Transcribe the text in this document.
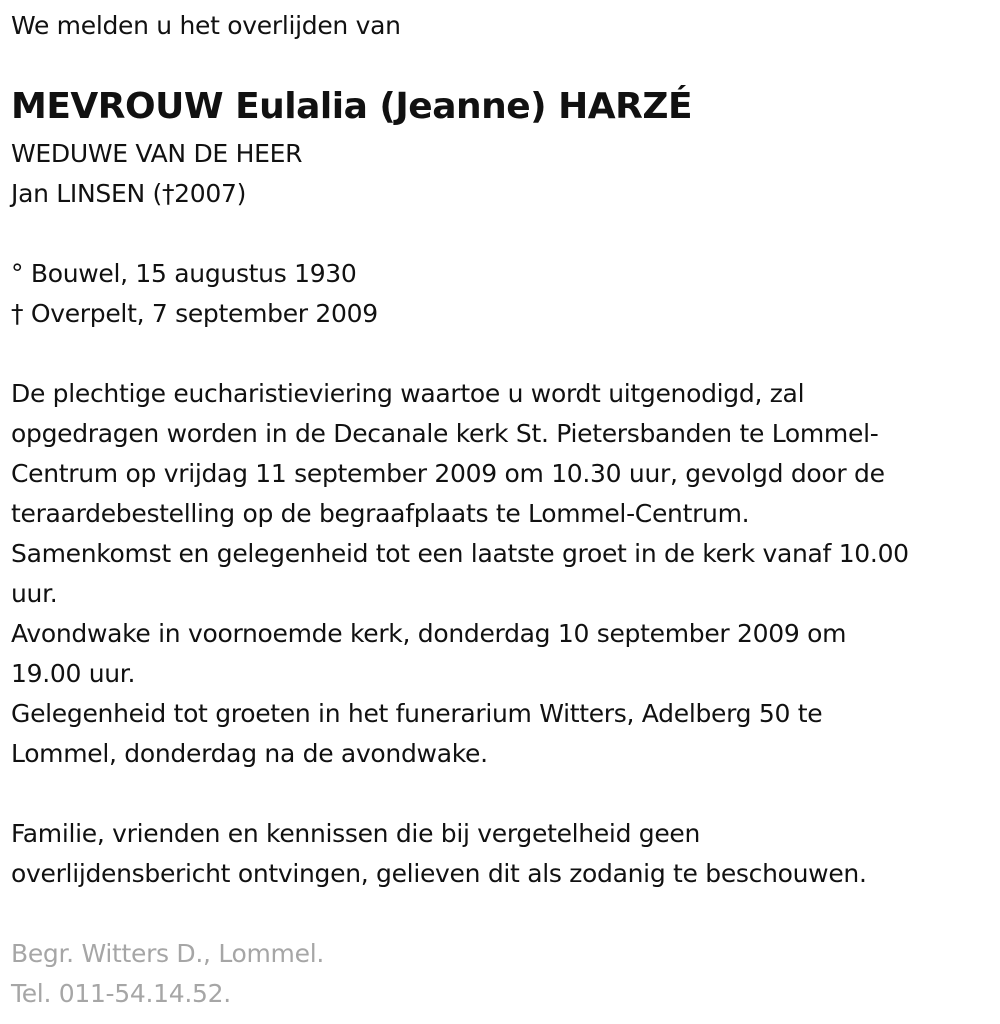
We melden u het overlijden van
MEVROUW Eulalia (Jeanne) HARZÉ
WEDUWE VAN DE HEER
Jan LINSEN (†2007)
° Bouwel, 15 augustus 1930
† Overpelt, 7 september 2009
De plechtige eucharistieviering waartoe u wordt uitgenodigd, zal
opgedragen worden in de Decanale kerk St. Pietersbanden te Lommel-
Centrum op vrijdag 11 september 2009 om 10.30 uur, gevolgd door de
teraardebestelling op de begraafplaats te Lommel-Centrum.
Samenkomst en gelegenheid tot een laatste groet in de kerk vanaf 10.00
uur.
Avondwake in voornoemde kerk, donderdag 10 september 2009 om
19.00 uur.
Gelegenheid tot groeten in het funerarium Witters, Adelberg 50 te
Lommel, donderdag na de avondwake.
Familie, vrienden en kennissen die bij vergetelheid geen
overlijdensbericht ontvingen, gelieven dit als zodanig te beschouwen.
Begr. Witters D., Lommel.
Tel. 011-54.14.52.
